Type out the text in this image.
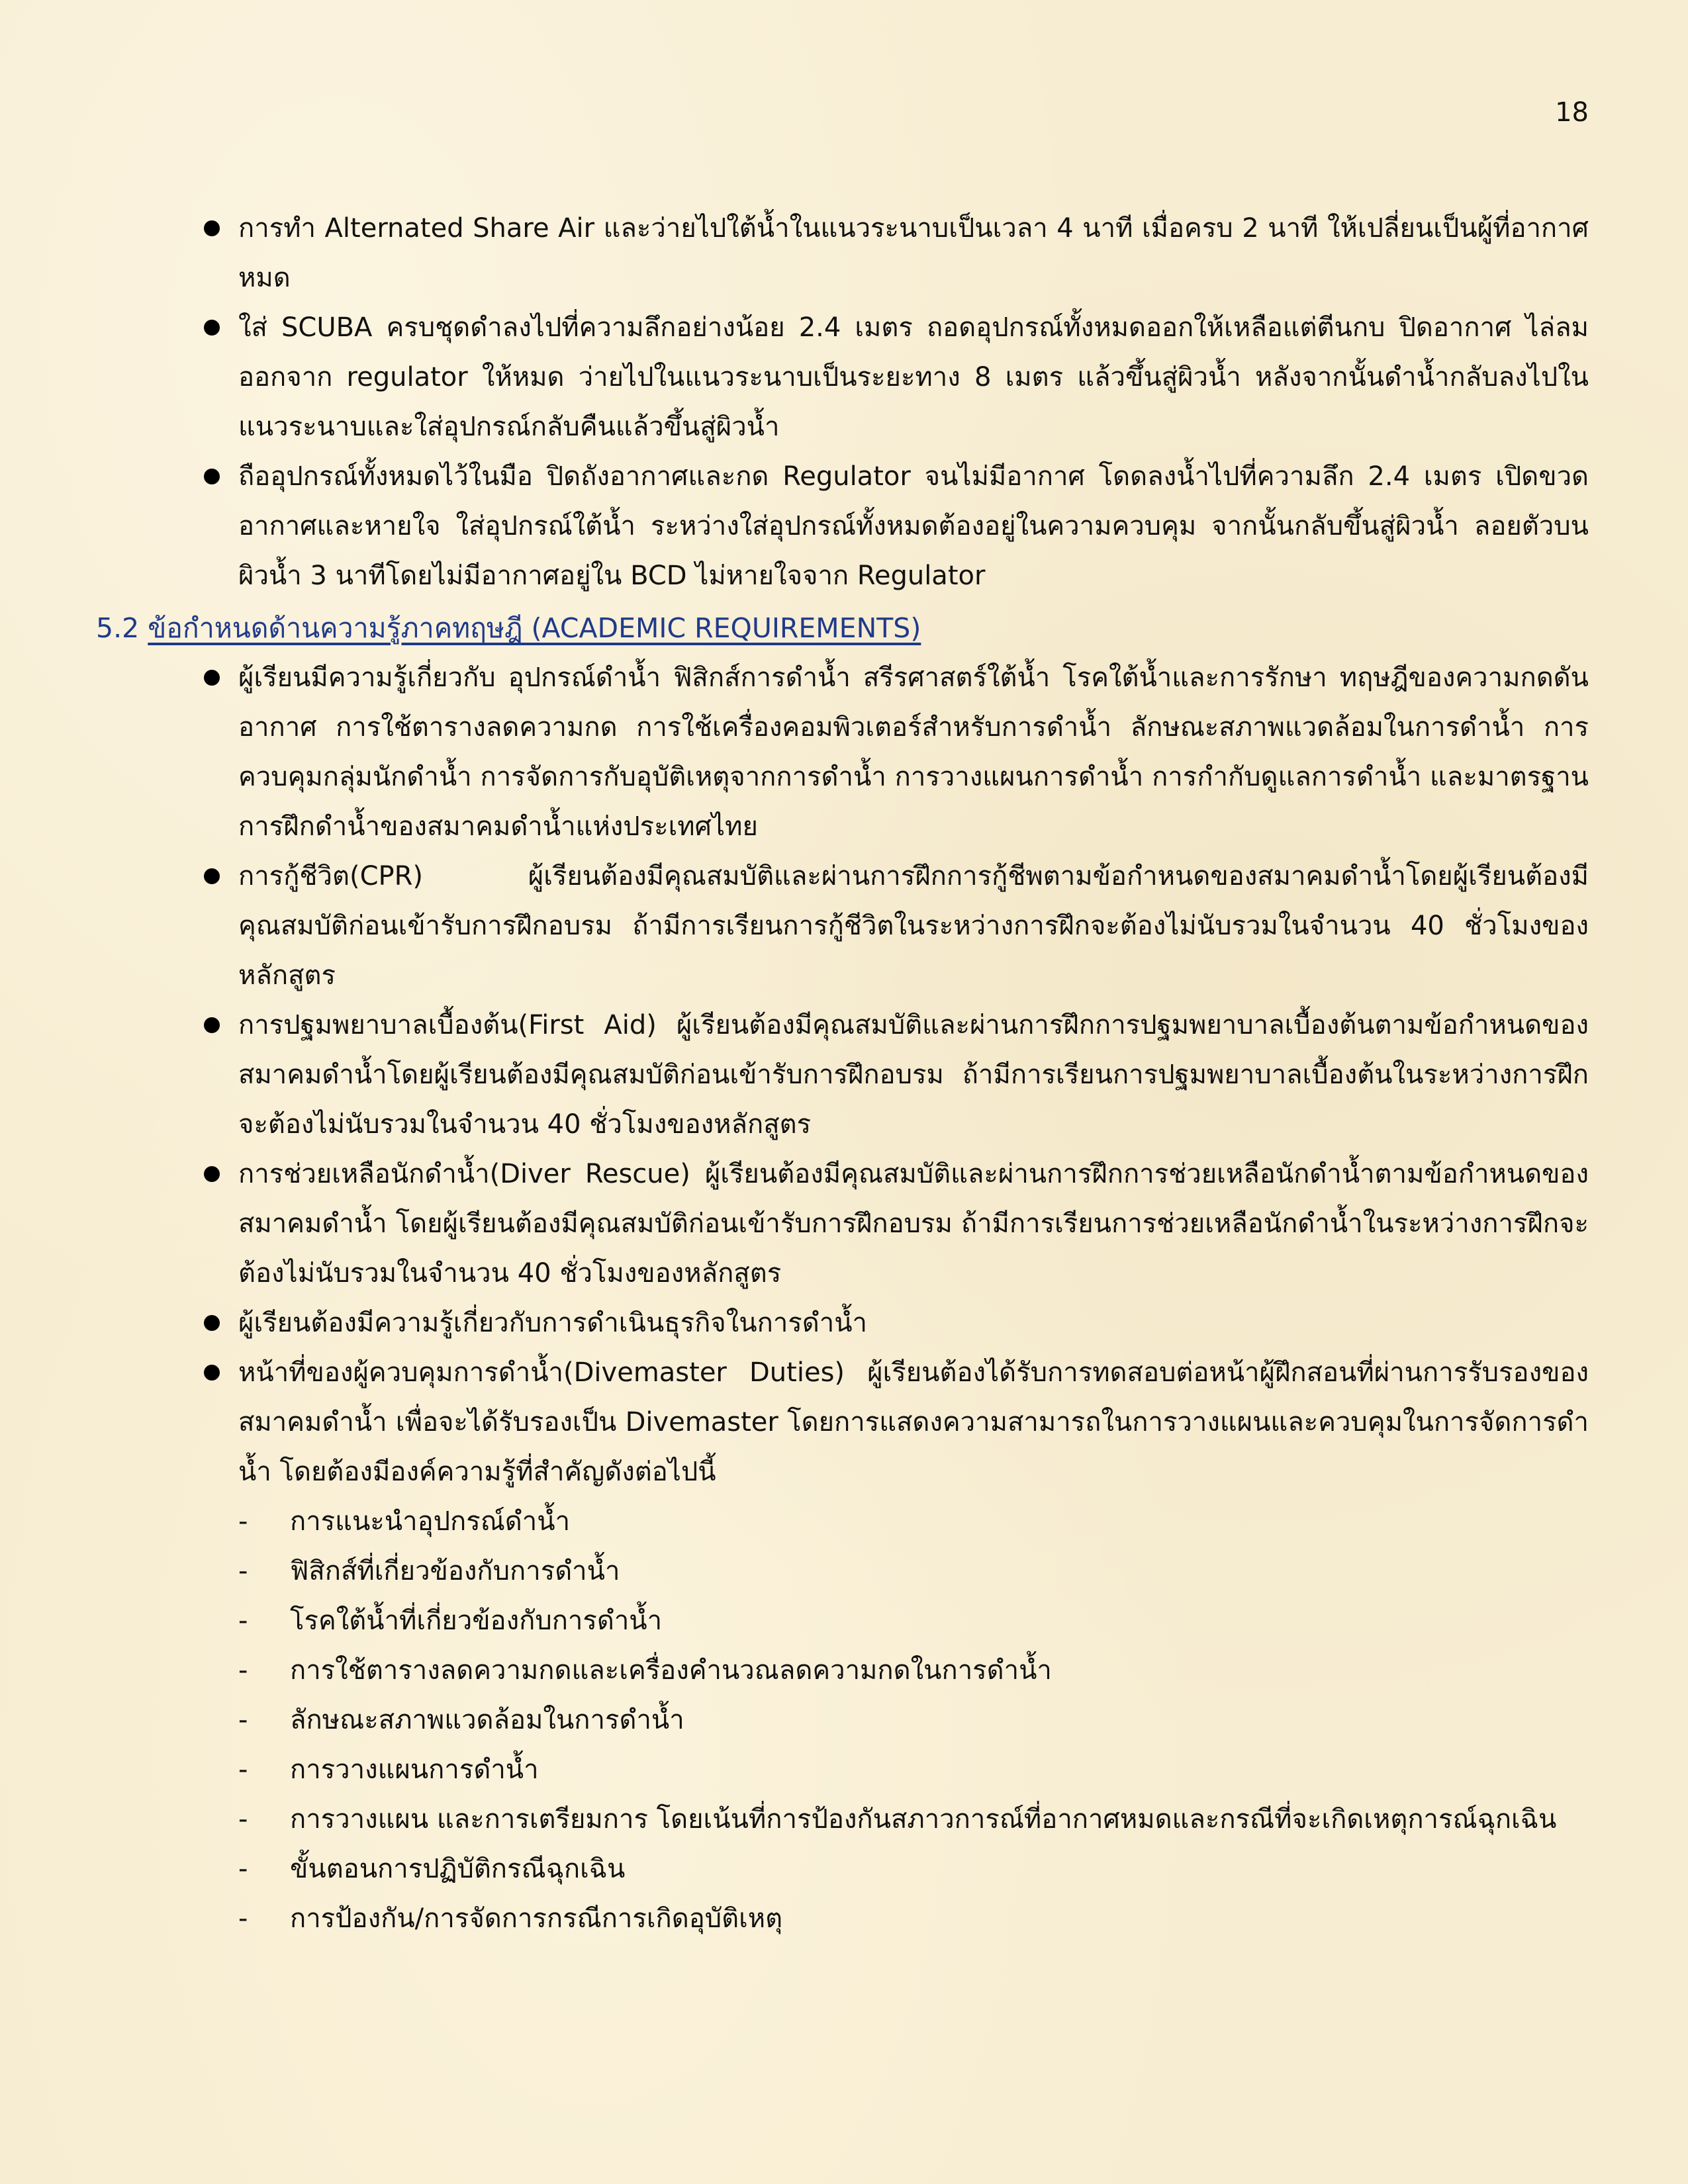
18
การทำ Alternated Share Air และว่ายไปใต้น้ำในแนวระนาบเป็นเวลา 4 นาที เมื่อครบ 2 นาที ให้เปลี่ยนเป็นผู้ที่อากาศหมด
ใส่ SCUBA ครบชุดดำลงไปที่ความลึกอย่างน้อย 2.4 เมตร ถอดอุปกรณ์ทั้งหมดออกให้เหลือแต่ตีนกบ ปิดอากาศ ไล่ลมออกจาก regulator ให้หมด ว่ายไปในแนวระนาบเป็นระยะทาง 8 เมตร แล้วขึ้นสู่ผิวน้ำ หลังจากนั้นดำน้ำกลับลงไปในแนวระนาบและใส่อุปกรณ์กลับคืนแล้วขึ้นสู่ผิวน้ำ
ถืออุปกรณ์ทั้งหมดไว้ในมือ ปิดถังอากาศและกด Regulator จนไม่มีอากาศ โดดลงน้ำไปที่ความลึก 2.4 เมตร เปิดขวดอากาศและหายใจ ใส่อุปกรณ์ใต้น้ำ ระหว่างใส่อุปกรณ์ทั้งหมดต้องอยู่ในความควบคุม จากนั้นกลับขึ้นสู่ผิวน้ำ ลอยตัวบนผิวน้ำ 3 นาทีโดยไม่มีอากาศอยู่ใน BCD ไม่หายใจจาก Regulator
5.2 ข้อกำหนดด้านความรู้ภาคทฤษฎี (ACADEMIC REQUIREMENTS)
ผู้เรียนมีความรู้เกี่ยวกับ อุปกรณ์ดำน้ำ ฟิสิกส์การดำน้ำ สรีรศาสตร์ใต้น้ำ โรคใต้น้ำและการรักษา ทฤษฎีของความกดดันอากาศ การใช้ตารางลดความกด การใช้เครื่องคอมพิวเตอร์สำหรับการดำน้ำ ลักษณะสภาพแวดล้อมในการดำน้ำ การควบคุมกลุ่มนักดำน้ำ การจัดการกับอุบัติเหตุจากการดำน้ำ การวางแผนการดำน้ำ การกำกับดูแลการดำน้ำ และมาตรฐานการฝึกดำน้ำของสมาคมดำน้ำแห่งประเทศไทย
การกู้ชีวิต(CPR) ผู้เรียนต้องมีคุณสมบัติและผ่านการฝึกการกู้ชีพตามข้อกำหนดของสมาคมดำน้ำโดยผู้เรียนต้องมีคุณสมบัติก่อนเข้ารับการฝึกอบรม ถ้ามีการเรียนการกู้ชีวิตในระหว่างการฝึกจะต้องไม่นับรวมในจำนวน 40 ชั่วโมงของหลักสูตร
การปฐมพยาบาลเบื้องต้น(First Aid) ผู้เรียนต้องมีคุณสมบัติและผ่านการฝึกการปฐมพยาบาลเบื้องต้นตามข้อกำหนดของสมาคมดำน้ำโดยผู้เรียนต้องมีคุณสมบัติก่อนเข้ารับการฝึกอบรม ถ้ามีการเรียนการปฐมพยาบาลเบื้องต้นในระหว่างการฝึกจะต้องไม่นับรวมในจำนวน 40 ชั่วโมงของหลักสูตร
การช่วยเหลือนักดำน้ำ(Diver Rescue) ผู้เรียนต้องมีคุณสมบัติและผ่านการฝึกการช่วยเหลือนักดำน้ำตามข้อกำหนดของสมาคมดำน้ำ โดยผู้เรียนต้องมีคุณสมบัติก่อนเข้ารับการฝึกอบรม ถ้ามีการเรียนการช่วยเหลือนักดำน้ำในระหว่างการฝึกจะต้องไม่นับรวมในจำนวน 40 ชั่วโมงของหลักสูตร
ผู้เรียนต้องมีความรู้เกี่ยวกับการดำเนินธุรกิจในการดำน้ำ
หน้าที่ของผู้ควบคุมการดำน้ำ(Divemaster Duties) ผู้เรียนต้องได้รับการทดสอบต่อหน้าผู้ฝึกสอนที่ผ่านการรับรองของสมาคมดำน้ำ เพื่อจะได้รับรองเป็น Divemaster โดยการแสดงความสามารถในการวางแผนและควบคุมในการจัดการดำน้ำ โดยต้องมีองค์ความรู้ที่สำคัญดังต่อไปนี้
- การแนะนำอุปกรณ์ดำน้ำ
- ฟิสิกส์ที่เกี่ยวข้องกับการดำน้ำ
- โรคใต้น้ำที่เกี่ยวข้องกับการดำน้ำ
- การใช้ตารางลดความกดและเครื่องคำนวณลดความกดในการดำน้ำ
- ลักษณะสภาพแวดล้อมในการดำน้ำ
- การวางแผนการดำน้ำ
- การวางแผน และการเตรียมการ โดยเน้นที่การป้องกันสภาวการณ์ที่อากาศหมดและกรณีที่จะเกิดเหตุการณ์ฉุกเฉิน
- ขั้นตอนการปฏิบัติกรณีฉุกเฉิน
- การป้องกัน/การจัดการกรณีการเกิดอุบัติเหตุ
